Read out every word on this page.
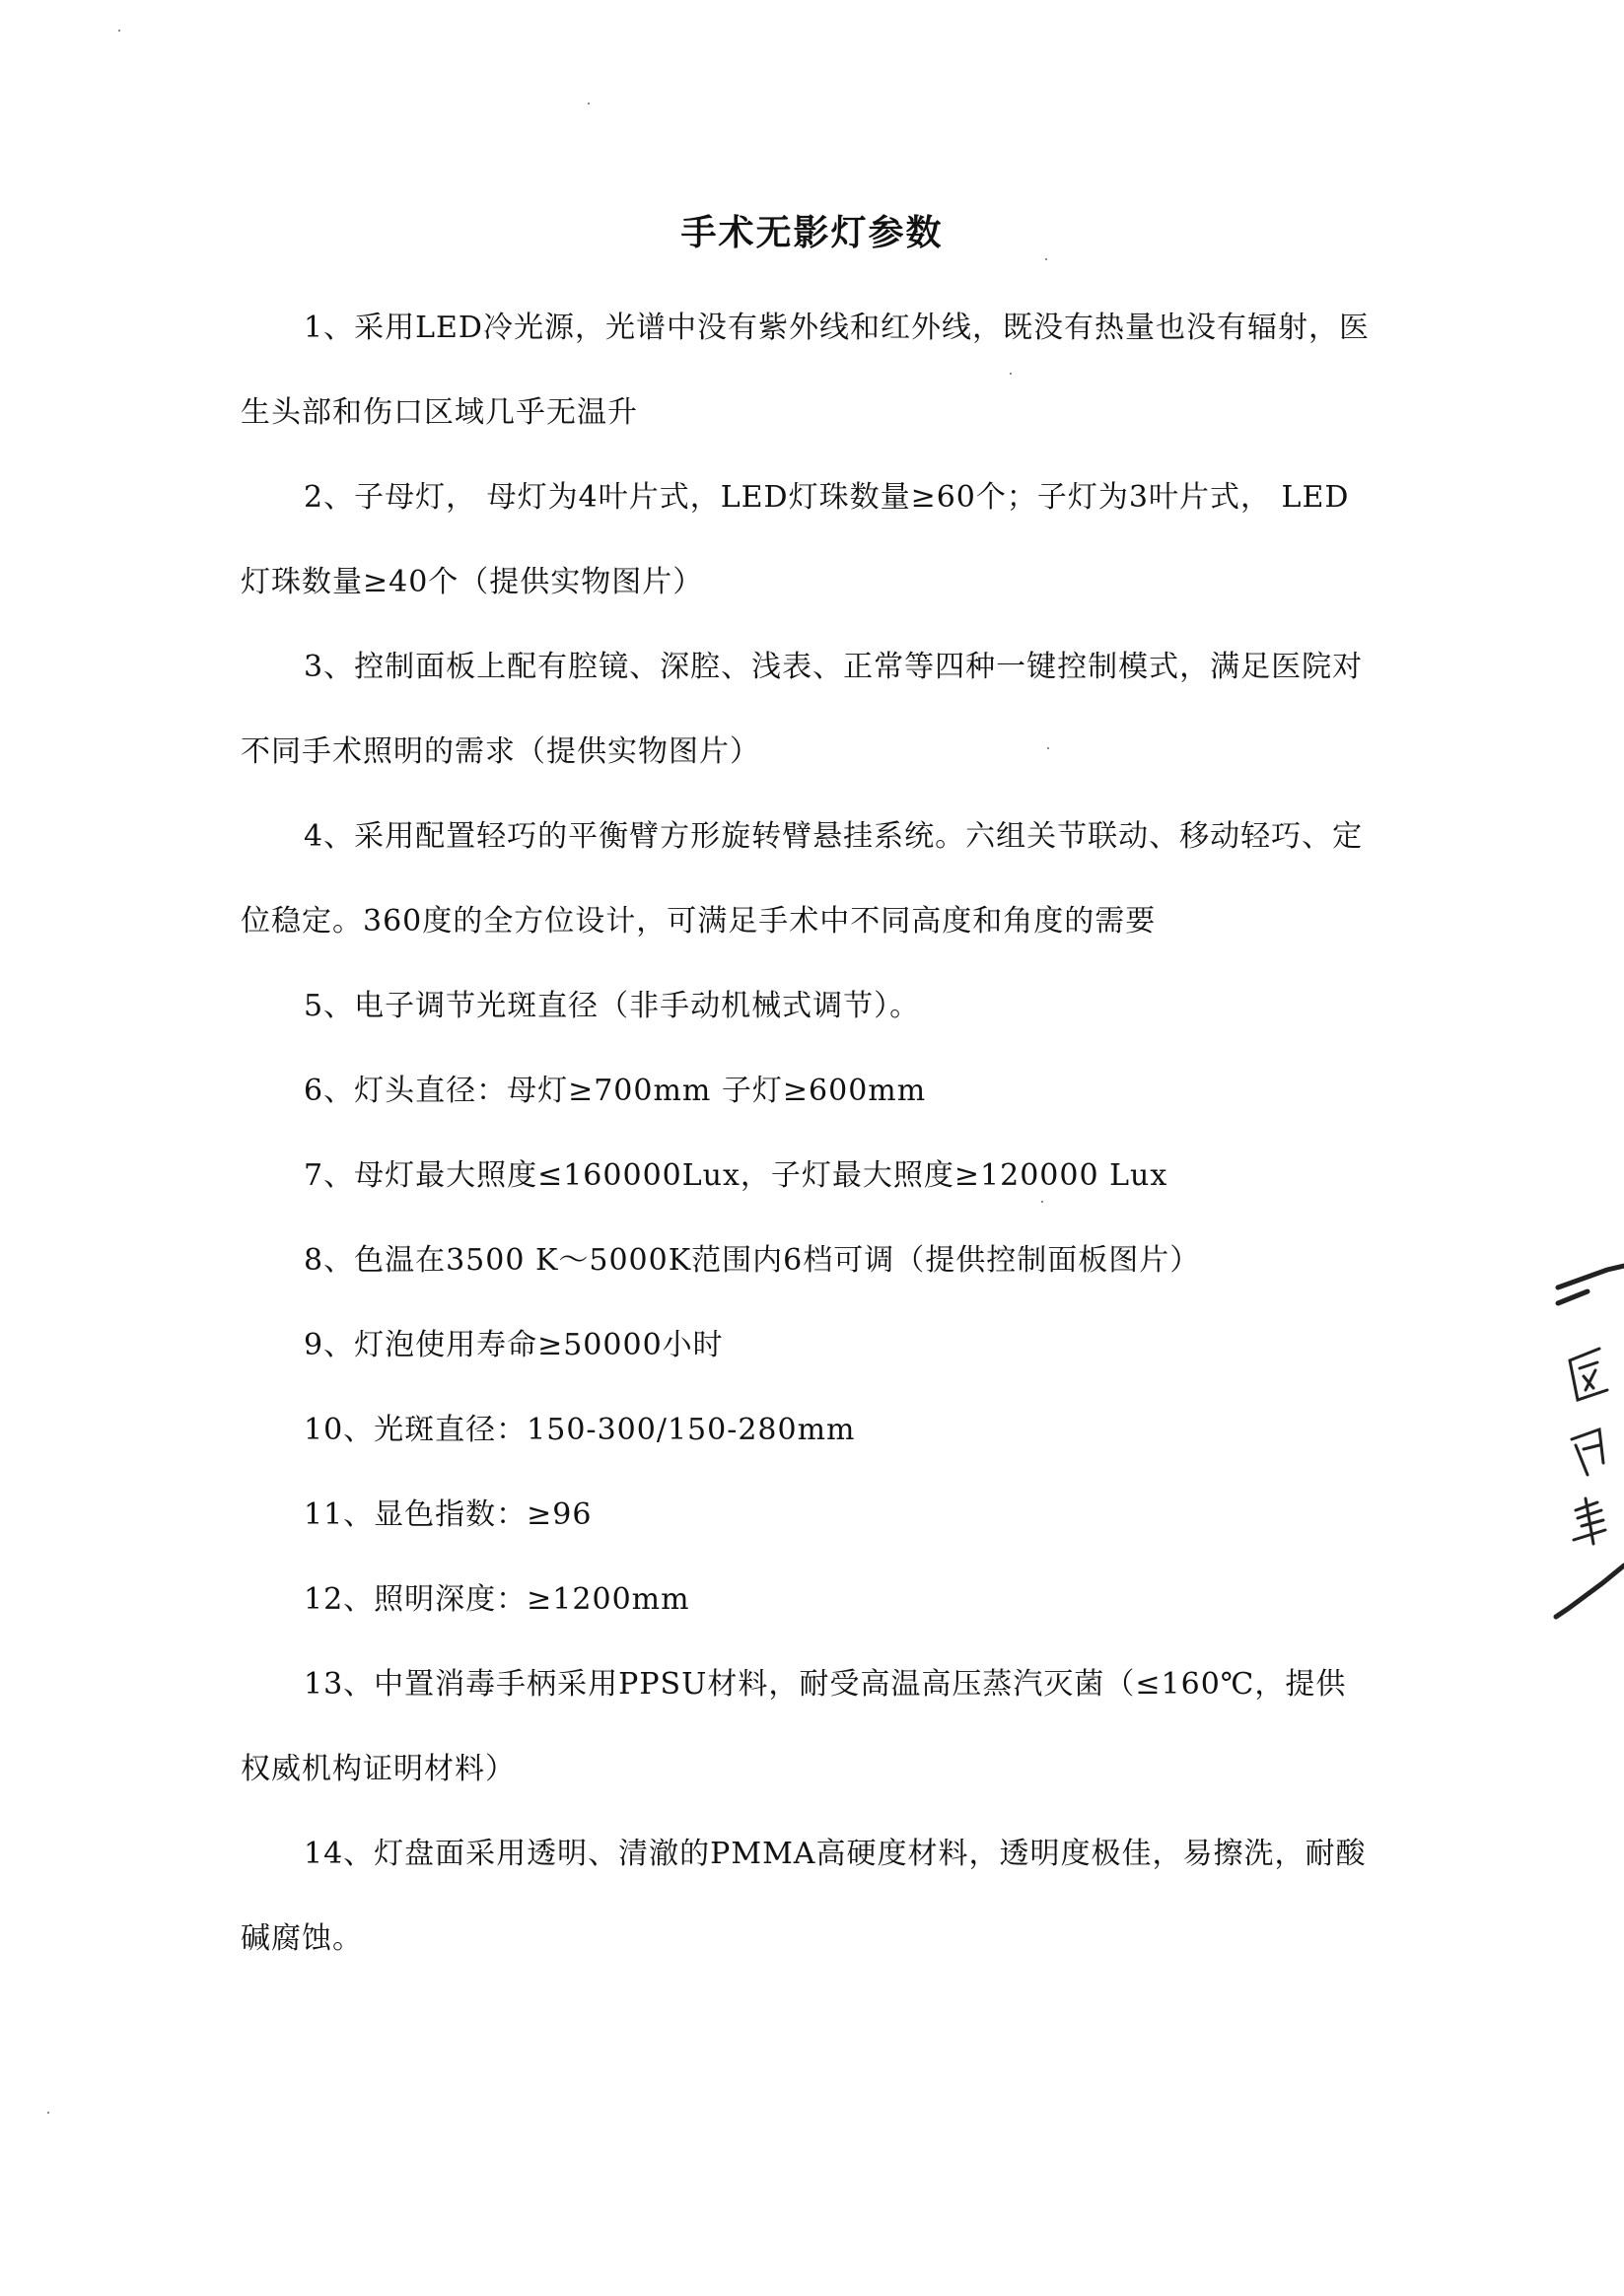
手术无影灯参数

1、采用LED冷光源，光谱中没有紫外线和红外线，既没有热量也没有辐射，医生头部和伤口区域几乎无温升

2、子母灯， 母灯为4叶片式，LED灯珠数量≥60个；子灯为3叶片式， LED灯珠数量≥40个（提供实物图片）

3、控制面板上配有腔镜、深腔、浅表、正常等四种一键控制模式，满足医院对不同手术照明的需求（提供实物图片）

4、采用配置轻巧的平衡臂方形旋转臂悬挂系统。六组关节联动、移动轻巧、定位稳定。360度的全方位设计，可满足手术中不同高度和角度的需要

5、电子调节光斑直径（非手动机械式调节）。

6、灯头直径：母灯≥700mm 子灯≥600mm

7、母灯最大照度≤160000Lux，子灯最大照度≥120000 Lux

8、色温在3500 K～5000K范围内6档可调（提供控制面板图片）

9、灯泡使用寿命≥50000小时

10、光斑直径：150-300/150-280mm

11、显色指数：≥96

12、照明深度：≥1200mm

13、中置消毒手柄采用PPSU材料，耐受高温高压蒸汽灭菌（≤160℃，提供权威机构证明材料）

14、灯盘面采用透明、清澈的PMMA高硬度材料，透明度极佳，易擦洗，耐酸碱腐蚀。
